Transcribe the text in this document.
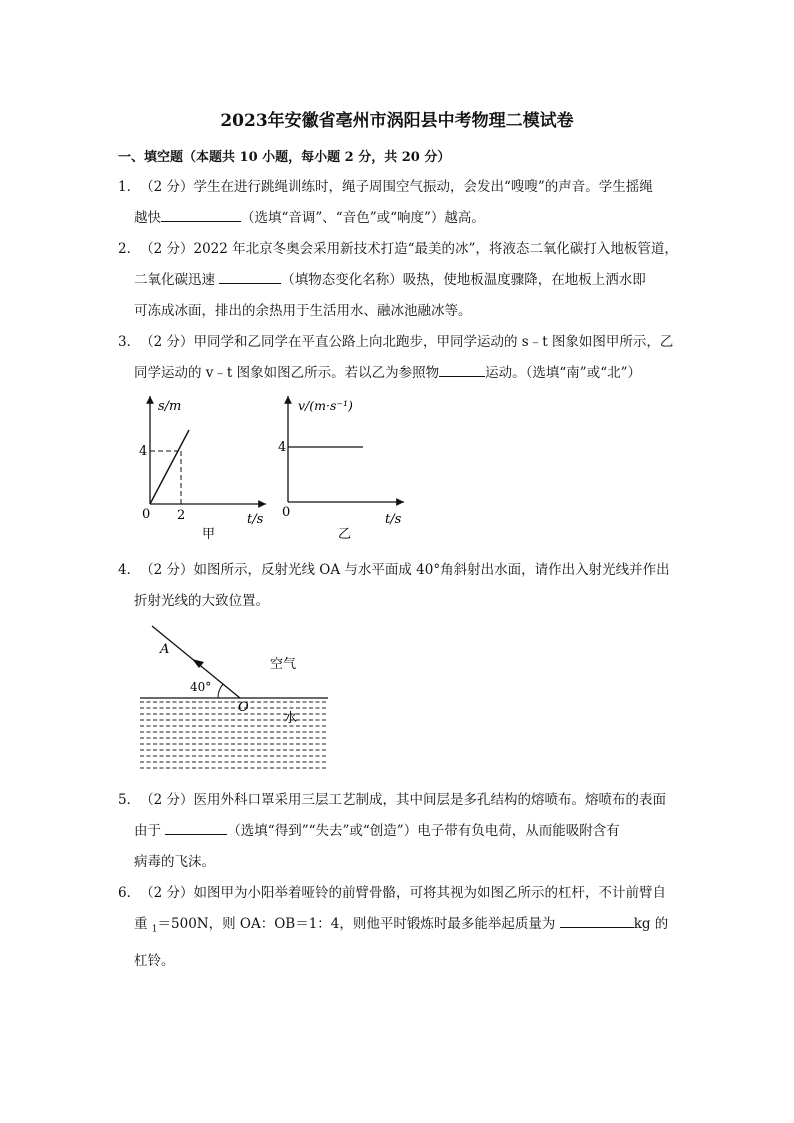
2023年安徽省亳州市涡阳县中考物理二模试卷
一、填空题（本题共 10 小题，每小题 2 分，共 20 分）
1．（2 分）学生在进行跳绳训练时，绳子周围空气振动，会发出“嗖嗖”的声音。学生摇绳
越快	（选填“音调”、“音色”或“响度”）越高。
2．（2 分）2022 年北京冬奥会采用新技术打造“最美的冰”，将液态二氧化碳打入地板管道，
二氧化碳迅速	（填物态变化名称）吸热，使地板温度骤降，在地板上洒水即
可冻成冰面，排出的余热用于生活用水、融冰池融冰等。
3．（2 分）甲同学和乙同学在平直公路上向北跑步，甲同学运动的 s﹣t 图象如图甲所示，乙
同学运动的 v﹣t 图象如图乙所示。若以乙为参照物	运动。（选填“南”或“北”）
s/m
t/s
0
4
2
甲
v/(m·s⁻¹)
t/s
0
4
乙
4．（2 分）如图所示，反射光线 OA 与水平面成 40°角斜射出水面，请作出入射光线并作出
折射光线的大致位置。
A
O
40°
空气
水
5．（2 分）医用外科口罩采用三层工艺制成，其中间层是多孔结构的熔喷布。熔喷布的表面
由于	（选填“得到”“失去”或“创造”）电子带有负电荷，从而能吸附含有
病毒的飞沫。
6．（2 分）如图甲为小阳举着哑铃的前臂骨骼，可将其视为如图乙所示的杠杆，不计前臂自
重 $_1$＝500N，则 OA：OB＝1：4，则他平时锻炼时最多能举起质量为	kg 的
杠铃。
